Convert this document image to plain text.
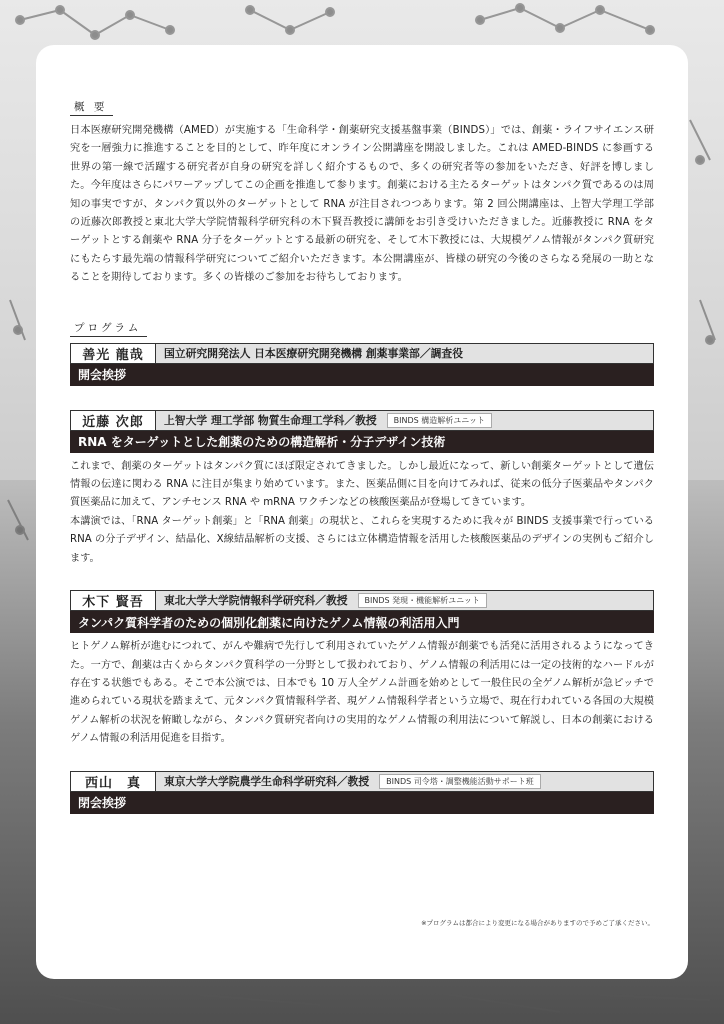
概 要

日本医療研究開発機構（AMED）が実施する「生命科学・創薬研究支援基盤事業（BINDS）」では、創薬・ライフサイエンス研究を一層強力に推進することを目的として、昨年度にオンライン公開講座を開設しました。これは AMED-BINDS に参画する世界の第一線で活躍する研究者が自身の研究を詳しく紹介するもので、多くの研究者等の参加をいただき、好評を博しました。今年度はさらにパワーアップしてこの企画を推進して参ります。創薬における主たるターゲットはタンパク質であるのは周知の事実ですが、タンパク質以外のターゲットとして RNA が注目されつつあります。第 2 回公開講座は、上智大学理工学部の近藤次郎教授と東北大学大学院情報科学研究科の木下賢吾教授に講師をお引き受けいただきました。近藤教授に RNA をターゲットとする創薬や RNA 分子をターゲットとする最新の研究を、そして木下教授には、大規模ゲノム情報がタンパク質研究にもたらす最先端の情報科学研究についてご紹介いただきます。本公開講座が、皆様の研究の今後のさらなる発展の一助となることを期待しております。多くの皆様のご参加をお待ちしております。

プログラム
善光 龍哉	国立研究開発法人 日本医療研究開発機構 創薬事業部／調査役
開会挨拶
近藤 次郎	上智大学 理工学部 物質生命理工学科／教授	BINDS 構造解析ユニット
RNA をターゲットとした創薬のための構造解析・分子デザイン技術

これまで、創薬のターゲットはタンパク質にほぼ限定されてきました。しかし最近になって、新しい創薬ターゲットとして遺伝情報の伝達に関わる RNA に注目が集まり始めています。また、医薬品側に目を向けてみれば、従来の低分子医薬品やタンパク質医薬品に加えて、アンチセンス RNA や mRNA ワクチンなどの核酸医薬品が登場してきています。

本講演では、「RNA ターゲット創薬」と「RNA 創薬」の現状と、これらを実現するために我々が BINDS 支援事業で行っている RNA の分子デザイン、結晶化、X線結晶解析の支援、さらには立体構造情報を活用した核酸医薬品のデザインの実例もご紹介します。

木下 賢吾	東北大学大学院情報科学研究科／教授	BINDS 発現・機能解析ユニット
タンパク質科学者のための個別化創薬に向けたゲノム情報の利活用入門

ヒトゲノム解析が進むにつれて、がんや難病で先行して利用されていたゲノム情報が創薬でも活発に活用されるようになってきた。一方で、創薬は古くからタンパク質科学の一分野として扱われており、ゲノム情報の利活用には一定の技術的なハードルが存在する状態でもある。そこで本公演では、日本でも 10 万人全ゲノム計画を始めとして一般住民の全ゲノム解析が急ピッチで進められている現状を踏まえて、元タンパク質情報科学者、現ゲノム情報科学者という立場で、現在行われている各国の大規模ゲノム解析の状況を俯瞰しながら、タンパク質研究者向けの実用的なゲノム情報の利用法について解説し、日本の創薬におけるゲノム情報の利活用促進を目指す。

西山　真	東京大学大学院農学生命科学研究科／教授	BINDS 司令塔・調整機能活動サポート班
閉会挨拶
※プログラムは都合により変更になる場合がありますので予めご了承ください。
